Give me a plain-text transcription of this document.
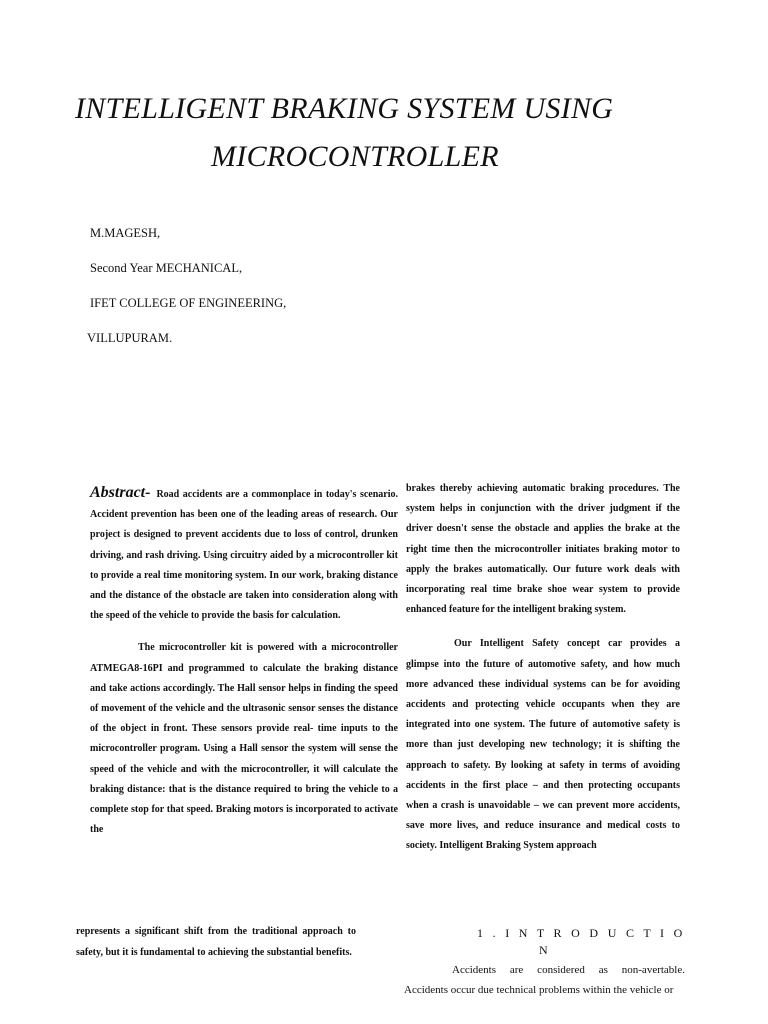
INTELLIGENT BRAKING SYSTEM USING
MICROCONTROLLER
M.MAGESH,
Second Year MECHANICAL,
IFET COLLEGE OF ENGINEERING,
VILLUPURAM.

Abstract- Road accidents are a commonplace in today's scenario. Accident prevention has been one of the leading areas of research. Our project is designed to prevent accidents due to loss of control, drunken driving, and rash driving. Using circuitry aided by a microcontroller kit to provide a real time monitoring system. In our work, braking distance and the distance of the obstacle are taken into consideration along with the speed of the vehicle to provide the basis for calculation.

The microcontroller kit is powered with a microcontroller ATMEGA8-16PI and programmed to calculate the braking distance and take actions accordingly. The Hall sensor helps in finding the speed of movement of the vehicle and the ultrasonic sensor senses the distance of the object in front. These sensors provide real- time inputs to the microcontroller program. Using a Hall sensor the system will sense the speed of the vehicle and with the microcontroller, it will calculate the braking distance: that is the distance required to bring the vehicle to a complete stop for that speed. Braking motors is incorporated to activate the

represents a significant shift from the traditional approach to safety, but it is fundamental to achieving the substantial benefits.

brakes thereby achieving automatic braking procedures. The system helps in conjunction with the driver judgment if the driver doesn't sense the obstacle and applies the brake at the right time then the microcontroller initiates braking motor to apply the brakes automatically. Our future work deals with incorporating real time brake shoe wear system to provide enhanced feature for the intelligent braking system.

Our Intelligent Safety concept car provides a glimpse into the future of automotive safety, and how much more advanced these individual systems can be for avoiding accidents and protecting vehicle occupants when they are integrated into one system. The future of automotive safety is more than just developing new technology; it is shifting the approach to safety. By looking at safety in terms of avoiding accidents in the first place – and then protecting occupants when a crash is unavoidable – we can prevent more accidents, save more lives, and reduce insurance and medical costs to society. Intelligent Braking System approach

1 . I N T R O D U C T I O
N

Accidents are considered as non-avertable. Accidents occur due technical problems within the vehicle or
